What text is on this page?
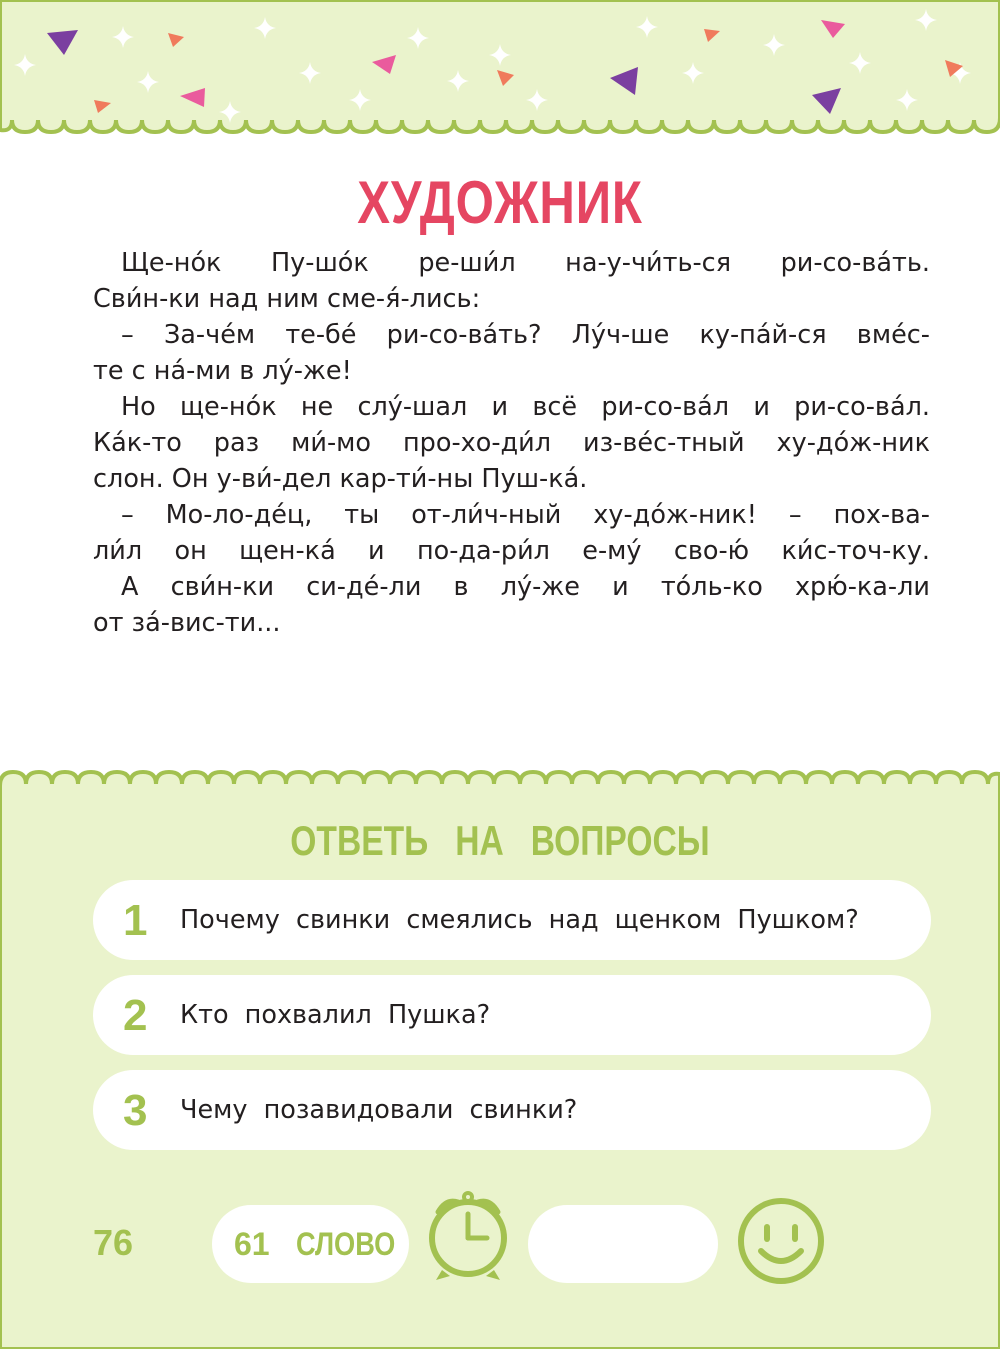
ХУДОЖНИК
Ще-но́к Пу-шо́к ре-ши́л на-у-чи́ть-ся ри-со-ва́ть.
Сви́н-ки над ним сме-я́-лись:
– За-че́м те-бе́ ри-со-ва́ть? Лу́ч-ше ку-па́й-ся вме́с-
те с на́-ми в лу́-же!
Но ще-но́к не слу́-шал и всё ри-со-ва́л и ри-со-ва́л.
Ка́к-то раз ми́-мо про-хо-ди́л из-ве́с-тный ху-до́ж-ник
слон. Он у-ви́-дел кар-ти́-ны Пуш-ка́.
– Мо-ло-де́ц, ты от-ли́ч-ный ху-до́ж-ник! – пох-ва-
ли́л он щен-ка́ и по-да-ри́л е-му́ сво-ю́ ки́с-точ-ку.
А сви́н-ки си-де́-ли в лу́-же и то́ль-ко хрю́-ка-ли
от за́-вис-ти...
ОТВЕТЬ НА ВОПРОСЫ
1 Почему свинки смеялись над щенком Пушком?
2 Кто похвалил Пушка?
3 Чему позавидовали свинки?
76	61 СЛОВО
